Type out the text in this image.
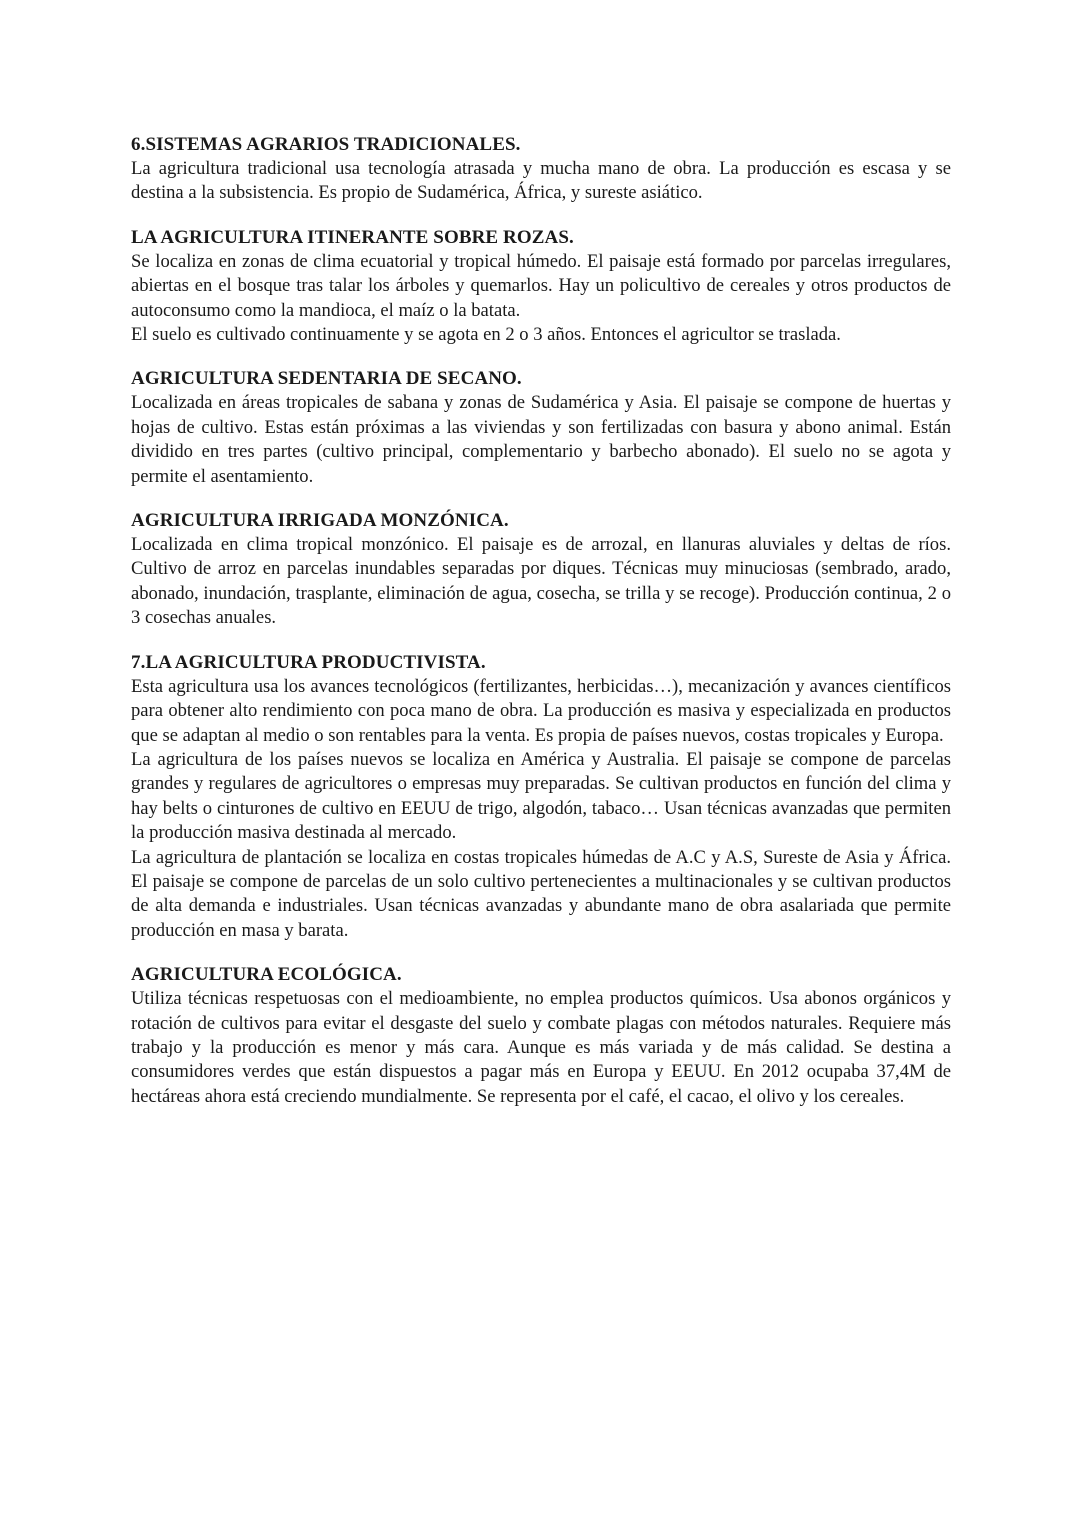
6.SISTEMAS AGRARIOS TRADICIONALES.

La agricultura tradicional usa tecnología atrasada y mucha mano de obra. La producción es escasa y se destina a la subsistencia. Es propio de Sudamérica, África, y sureste asiático.

LA AGRICULTURA ITINERANTE SOBRE ROZAS.

Se localiza en zonas de clima ecuatorial y tropical húmedo. El paisaje está formado por parcelas irregulares, abiertas en el bosque tras talar los árboles y quemarlos. Hay un policultivo de cereales y otros productos de autoconsumo como la mandioca, el maíz o la batata.

El suelo es cultivado continuamente y se agota en 2 o 3 años. Entonces el agricultor se traslada.

AGRICULTURA SEDENTARIA DE SECANO.

Localizada en áreas tropicales de sabana y zonas de Sudamérica y Asia. El paisaje se compone de huertas y hojas de cultivo. Estas están próximas a las viviendas y son fertilizadas con basura y abono animal. Están dividido en tres partes (cultivo principal, complementario y barbecho abonado). El suelo no se agota y permite el asentamiento.

AGRICULTURA IRRIGADA MONZÓNICA.

Localizada en clima tropical monzónico. El paisaje es de arrozal, en llanuras aluviales y deltas de ríos. Cultivo de arroz en parcelas inundables separadas por diques. Técnicas muy minuciosas (sembrado, arado, abonado, inundación, trasplante, eliminación de agua, cosecha, se trilla y se recoge). Producción continua, 2 o 3 cosechas anuales.

7.LA AGRICULTURA PRODUCTIVISTA.

Esta agricultura usa los avances tecnológicos (fertilizantes, herbicidas…), mecanización y avances científicos para obtener alto rendimiento con poca mano de obra. La producción es masiva y especializada en productos que se adaptan al medio o son rentables para la venta. Es propia de países nuevos, costas tropicales y Europa.

La agricultura de los países nuevos se localiza en América y Australia. El paisaje se compone de parcelas grandes y regulares de agricultores o empresas muy preparadas. Se cultivan productos en función del clima y hay belts o cinturones de cultivo en EEUU de trigo, algodón, tabaco… Usan técnicas avanzadas que permiten la producción masiva destinada al mercado.

La agricultura de plantación se localiza en costas tropicales húmedas de A.C y A.S, Sureste de Asia y África. El paisaje se compone de parcelas de un solo cultivo pertenecientes a multinacionales y se cultivan productos de alta demanda e industriales. Usan técnicas avanzadas y abundante mano de obra asalariada que permite producción en masa y barata.

AGRICULTURA ECOLÓGICA.

Utiliza técnicas respetuosas con el medioambiente, no emplea productos químicos. Usa abonos orgánicos y rotación de cultivos para evitar el desgaste del suelo y combate plagas con métodos naturales. Requiere más trabajo y la producción es menor y más cara. Aunque es más variada y de más calidad. Se destina a consumidores verdes que están dispuestos a pagar más en Europa y EEUU. En 2012 ocupaba 37,4M de hectáreas ahora está creciendo mundialmente. Se representa por el café, el cacao, el olivo y los cereales.
